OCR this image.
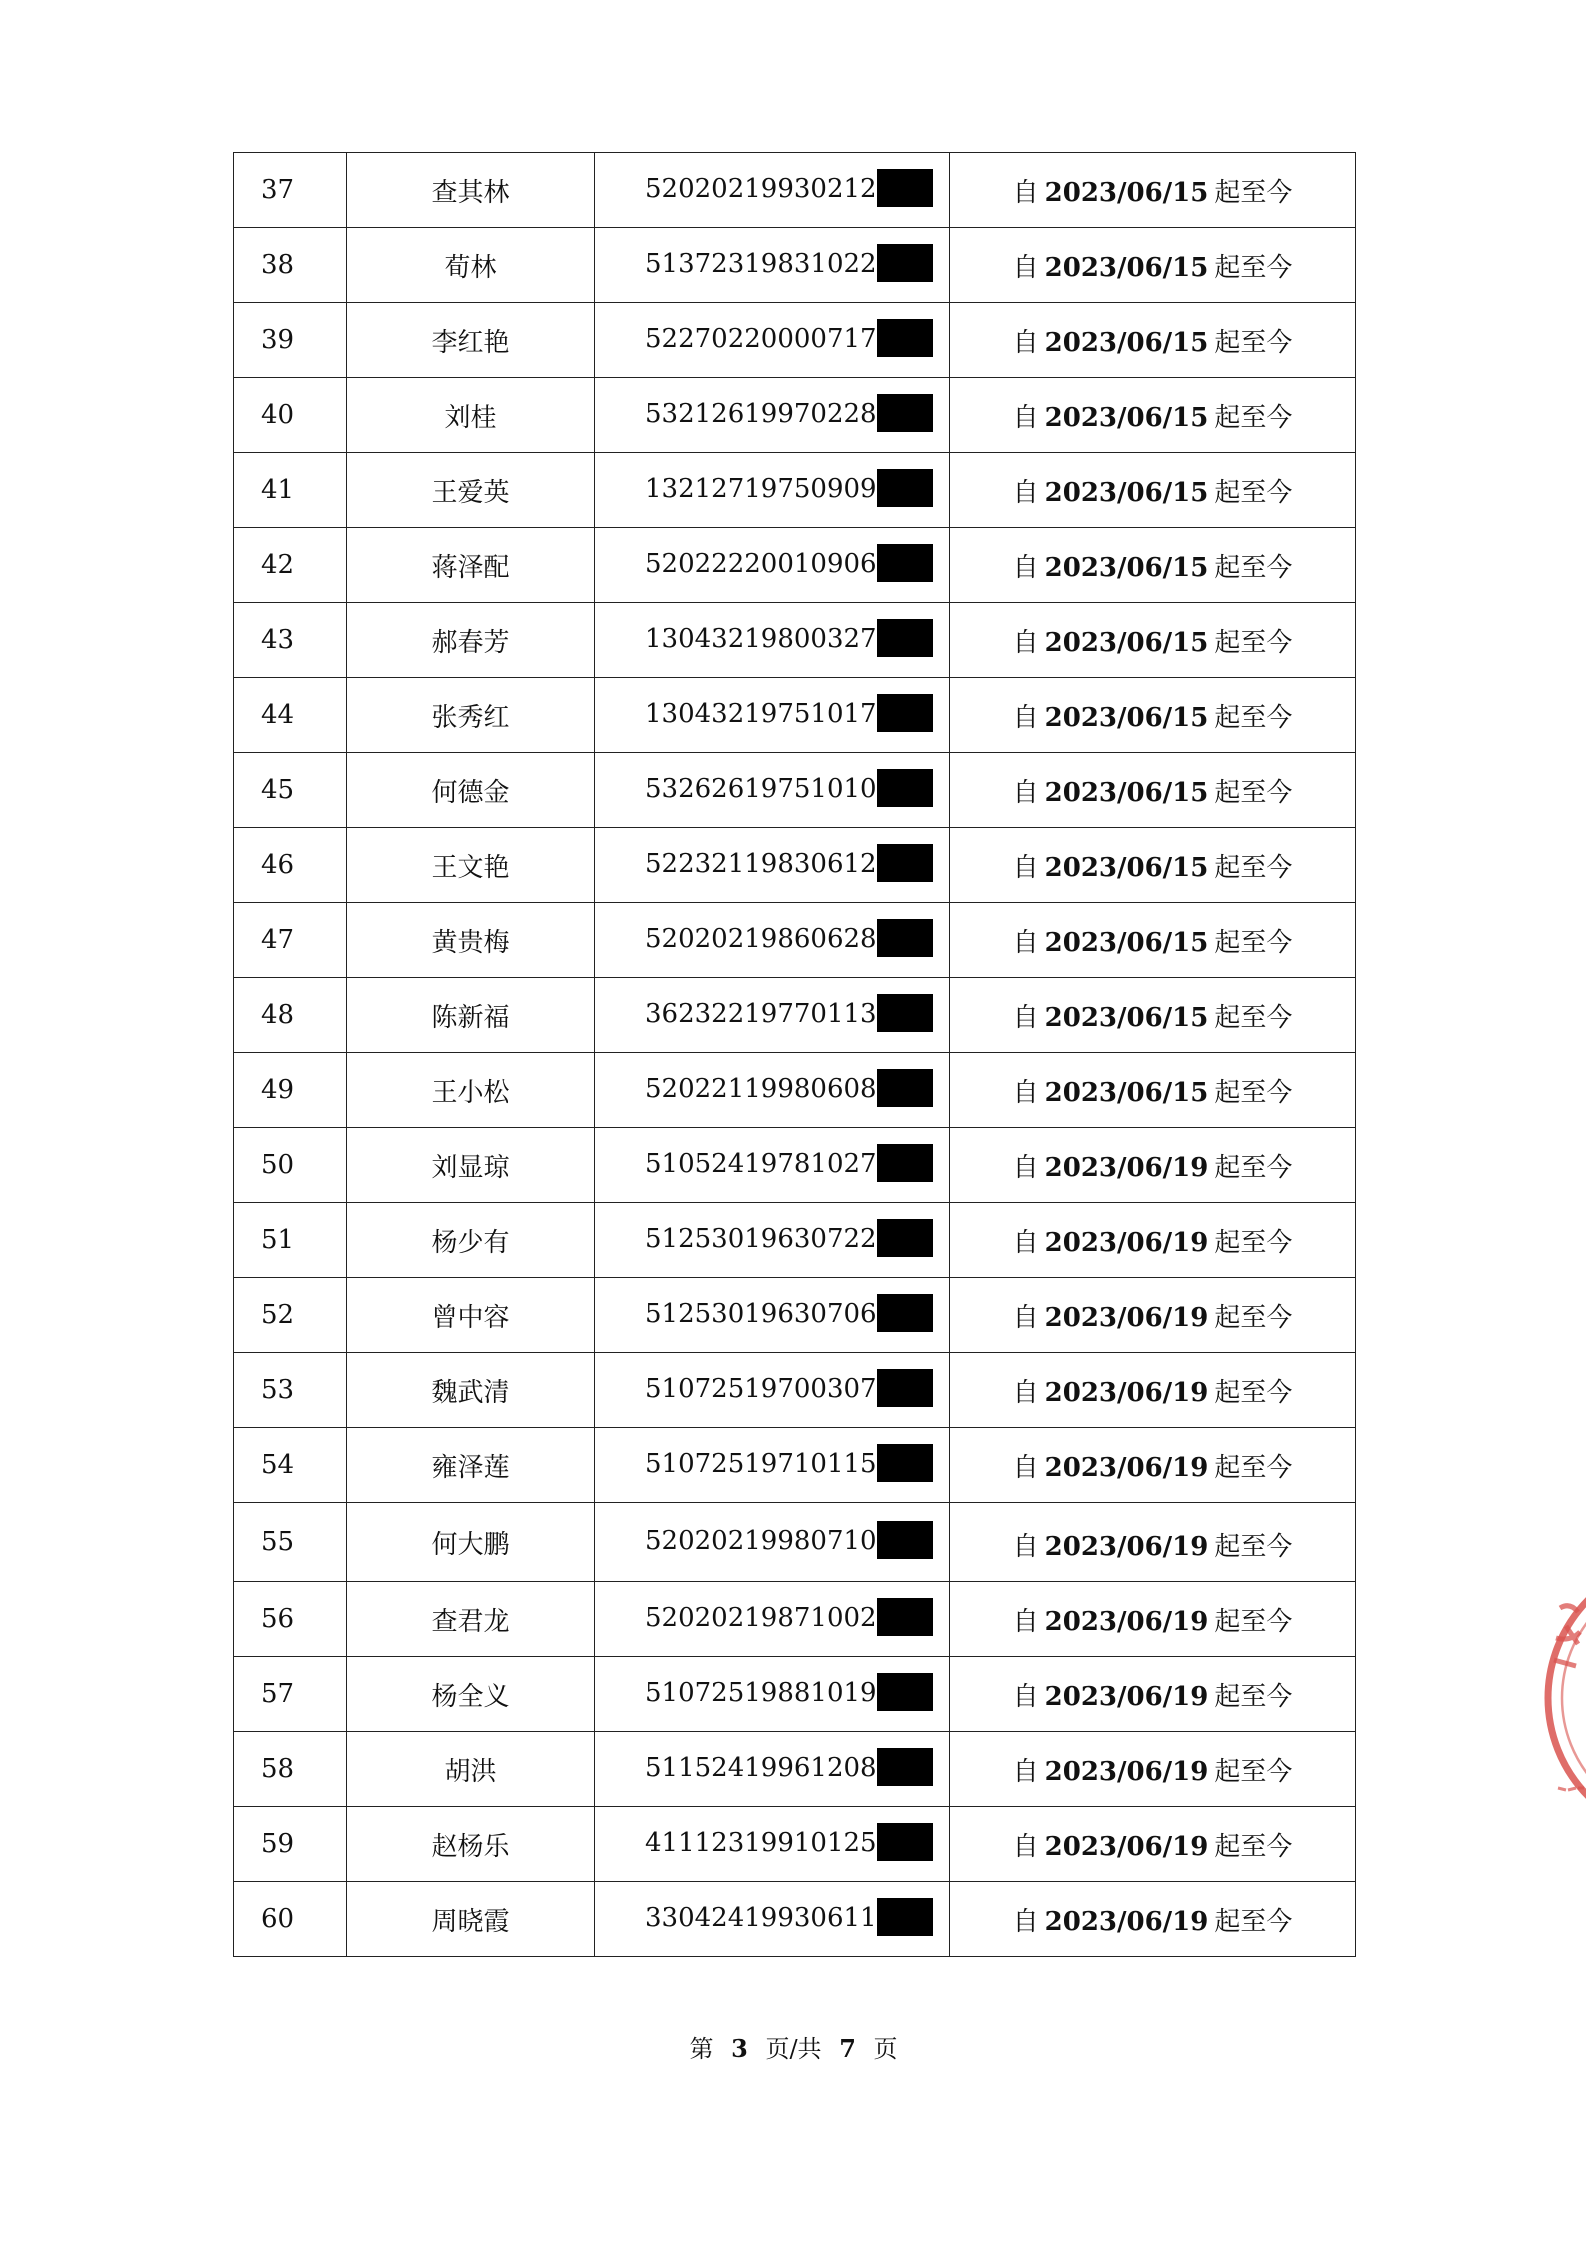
37	查其林	52020219930212	自 2023/06/15 起至今
38	荀林	51372319831022	自 2023/06/15 起至今
39	李红艳	52270220000717	自 2023/06/15 起至今
40	刘桂	53212619970228	自 2023/06/15 起至今
41	王爱英	13212719750909	自 2023/06/15 起至今
42	蒋泽配	52022220010906	自 2023/06/15 起至今
43	郝春芳	13043219800327	自 2023/06/15 起至今
44	张秀红	13043219751017	自 2023/06/15 起至今
45	何德金	53262619751010	自 2023/06/15 起至今
46	王文艳	52232119830612	自 2023/06/15 起至今
47	黄贵梅	52020219860628	自 2023/06/15 起至今
48	陈新福	36232219770113	自 2023/06/15 起至今
49	王小松	52022119980608	自 2023/06/15 起至今
50	刘显琼	51052419781027	自 2023/06/19 起至今
51	杨少有	51253019630722	自 2023/06/19 起至今
52	曾中容	51253019630706	自 2023/06/19 起至今
53	魏武清	51072519700307	自 2023/06/19 起至今
54	雍泽莲	51072519710115	自 2023/06/19 起至今
55	何大鹏	52020219980710	自 2023/06/19 起至今
56	查君龙	52020219871002	自 2023/06/19 起至今
57	杨全义	51072519881019	自 2023/06/19 起至今
58	胡洪	51152419961208	自 2023/06/19 起至今
59	赵杨乐	41112319910125	自 2023/06/19 起至今
60	周晓霞	33042419930611	自 2023/06/19 起至今
第 3 页/共 7 页
